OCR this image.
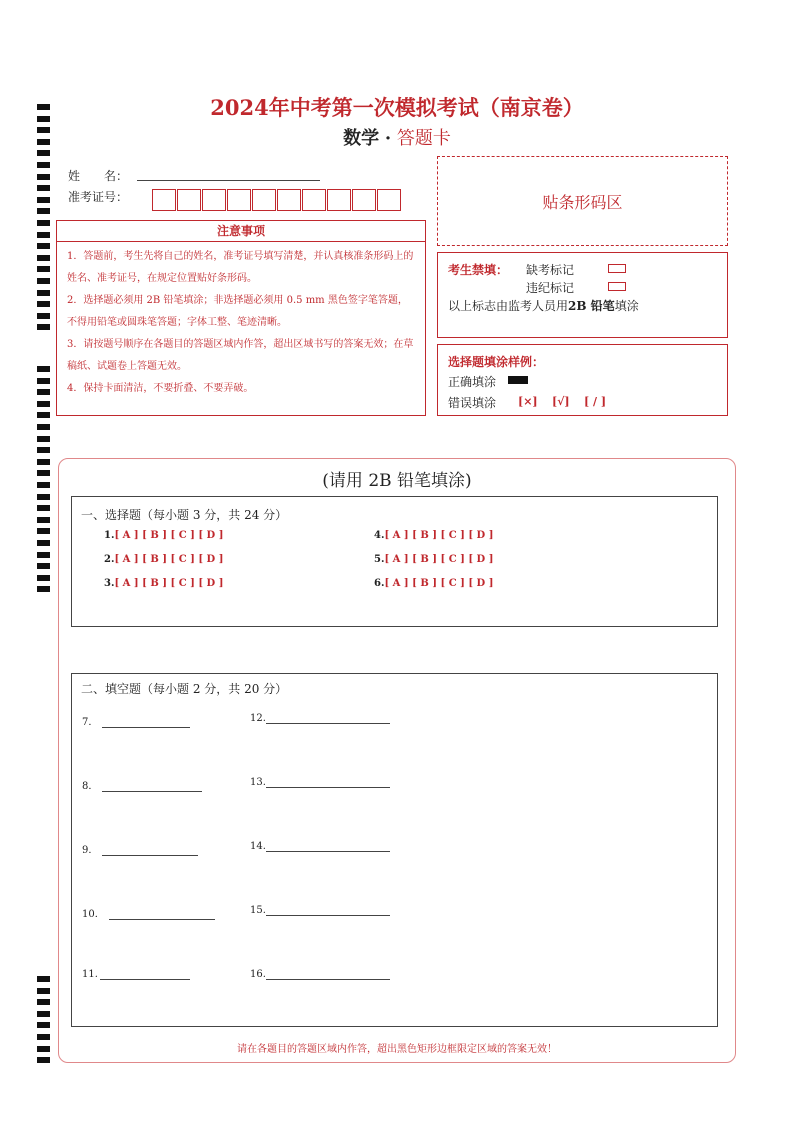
2024年中考第一次模拟考试（南京卷）
数学 · 答题卡
姓　　名：
准考证号：	贴条形码区
注意事项
1．答题前，考生先将自己的姓名，准考证号填写清楚，并认真核准条形码上的姓名、准考证号，在规定位置贴好条形码。
2．选择题必须用 2B 铅笔填涂；非选择题必须用 0.5 mm 黑色签字笔答题，不得用铅笔或圆珠笔答题；字体工整、笔迹清晰。
3．请按题号顺序在各题目的答题区域内作答，超出区域书写的答案无效；在草稿纸、试题卷上答题无效。
4．保持卡面清洁，不要折叠、不要弄破。
考生禁填： 缺考标记
违纪标记
以上标志由监考人员用2B 铅笔填涂
选择题填涂样例：
正确填涂
错误填涂 [×] [√] [ / ]
(请用 2B 铅笔填涂)
一、选择题（每小题 3 分，共 24 分）
1.[ A ] [ B ] [ C ] [ D ]
2.[ A ] [ B ] [ C ] [ D ]
3.[ A ] [ B ] [ C ] [ D ]
4.[ A ] [ B ] [ C ] [ D ]
5.[ A ] [ B ] [ C ] [ D ]
6.[ A ] [ B ] [ C ] [ D ]
二、填空题（每小题 2 分，共 20 分）
7．
8．
9．
10．
11.
12.
13.
14.
15.
16.
请在各题目的答题区域内作答，超出黑色矩形边框限定区域的答案无效！
